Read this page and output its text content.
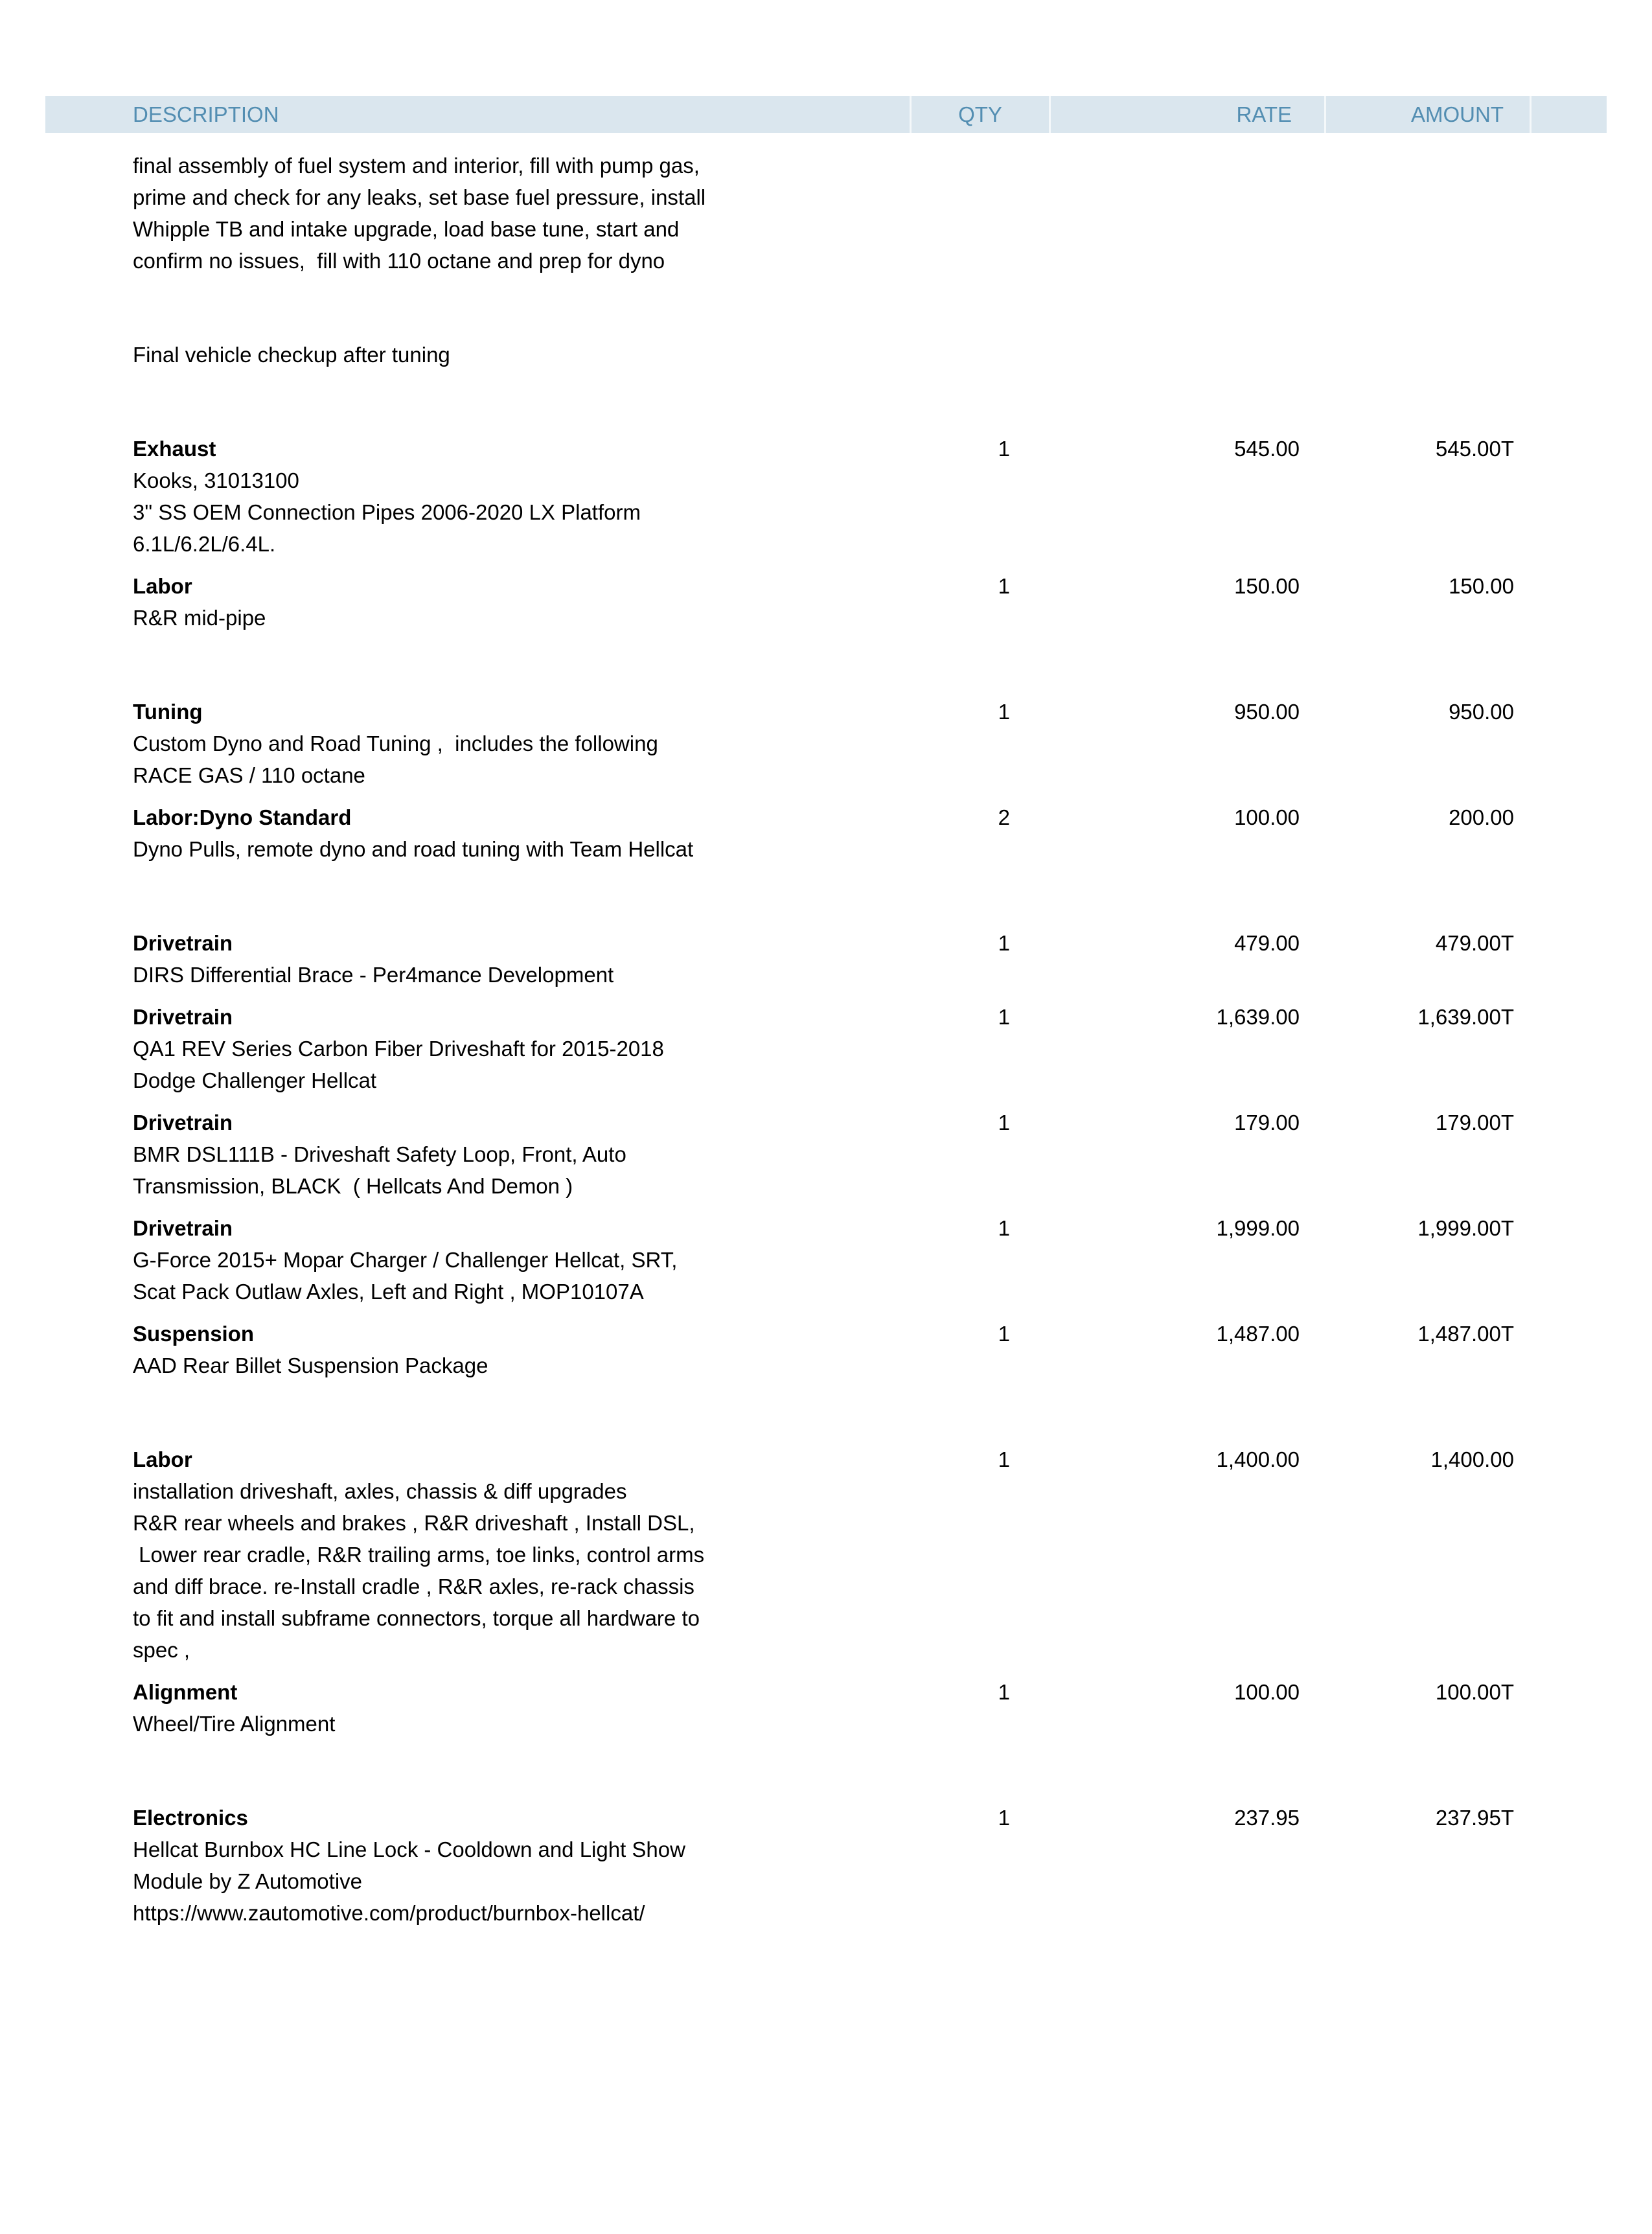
DESCRIPTION	QTY	RATE	AMOUNT
final assembly of fuel system and interior, fill with pump gas,
prime and check for any leaks, set base fuel pressure, install
Whipple TB and intake upgrade, load base tune, start and
confirm no issues,  fill with 110 octane and prep for dyno
Final vehicle checkup after tuning
Exhaust
Kooks, 31013100
3" SS OEM Connection Pipes 2006-2020 LX Platform
6.1L/6.2L/6.4L.
1	545.00	545.00T
Labor
R&R mid-pipe
1	150.00	150.00
Tuning
Custom Dyno and Road Tuning ,  includes the following
RACE GAS / 110 octane
1	950.00	950.00
Labor:Dyno Standard
Dyno Pulls, remote dyno and road tuning with Team Hellcat
2	100.00	200.00
Drivetrain
DIRS Differential Brace - Per4mance Development
1	479.00	479.00T
Drivetrain
QA1 REV Series Carbon Fiber Driveshaft for 2015-2018
Dodge Challenger Hellcat
1	1,639.00	1,639.00T
Drivetrain
BMR DSL111B - Driveshaft Safety Loop, Front, Auto
Transmission, BLACK  ( Hellcats And Demon )
1	179.00	179.00T
Drivetrain
G-Force 2015+ Mopar Charger / Challenger Hellcat, SRT,
Scat Pack Outlaw Axles, Left and Right , MOP10107A
1	1,999.00	1,999.00T
Suspension
AAD Rear Billet Suspension Package
1	1,487.00	1,487.00T
Labor
installation driveshaft, axles, chassis & diff upgrades
R&R rear wheels and brakes , R&R driveshaft , Install DSL,
Lower rear cradle, R&R trailing arms, toe links, control arms
and diff brace. re-Install cradle , R&R axles, re-rack chassis
to fit and install subframe connectors, torque all hardware to
spec ,
1	1,400.00	1,400.00
Alignment
Wheel/Tire Alignment
1	100.00	100.00T
Electronics
Hellcat Burnbox HC Line Lock - Cooldown and Light Show
Module by Z Automotive
https://www.zautomotive.com/product/burnbox-hellcat/
1	237.95	237.95T
